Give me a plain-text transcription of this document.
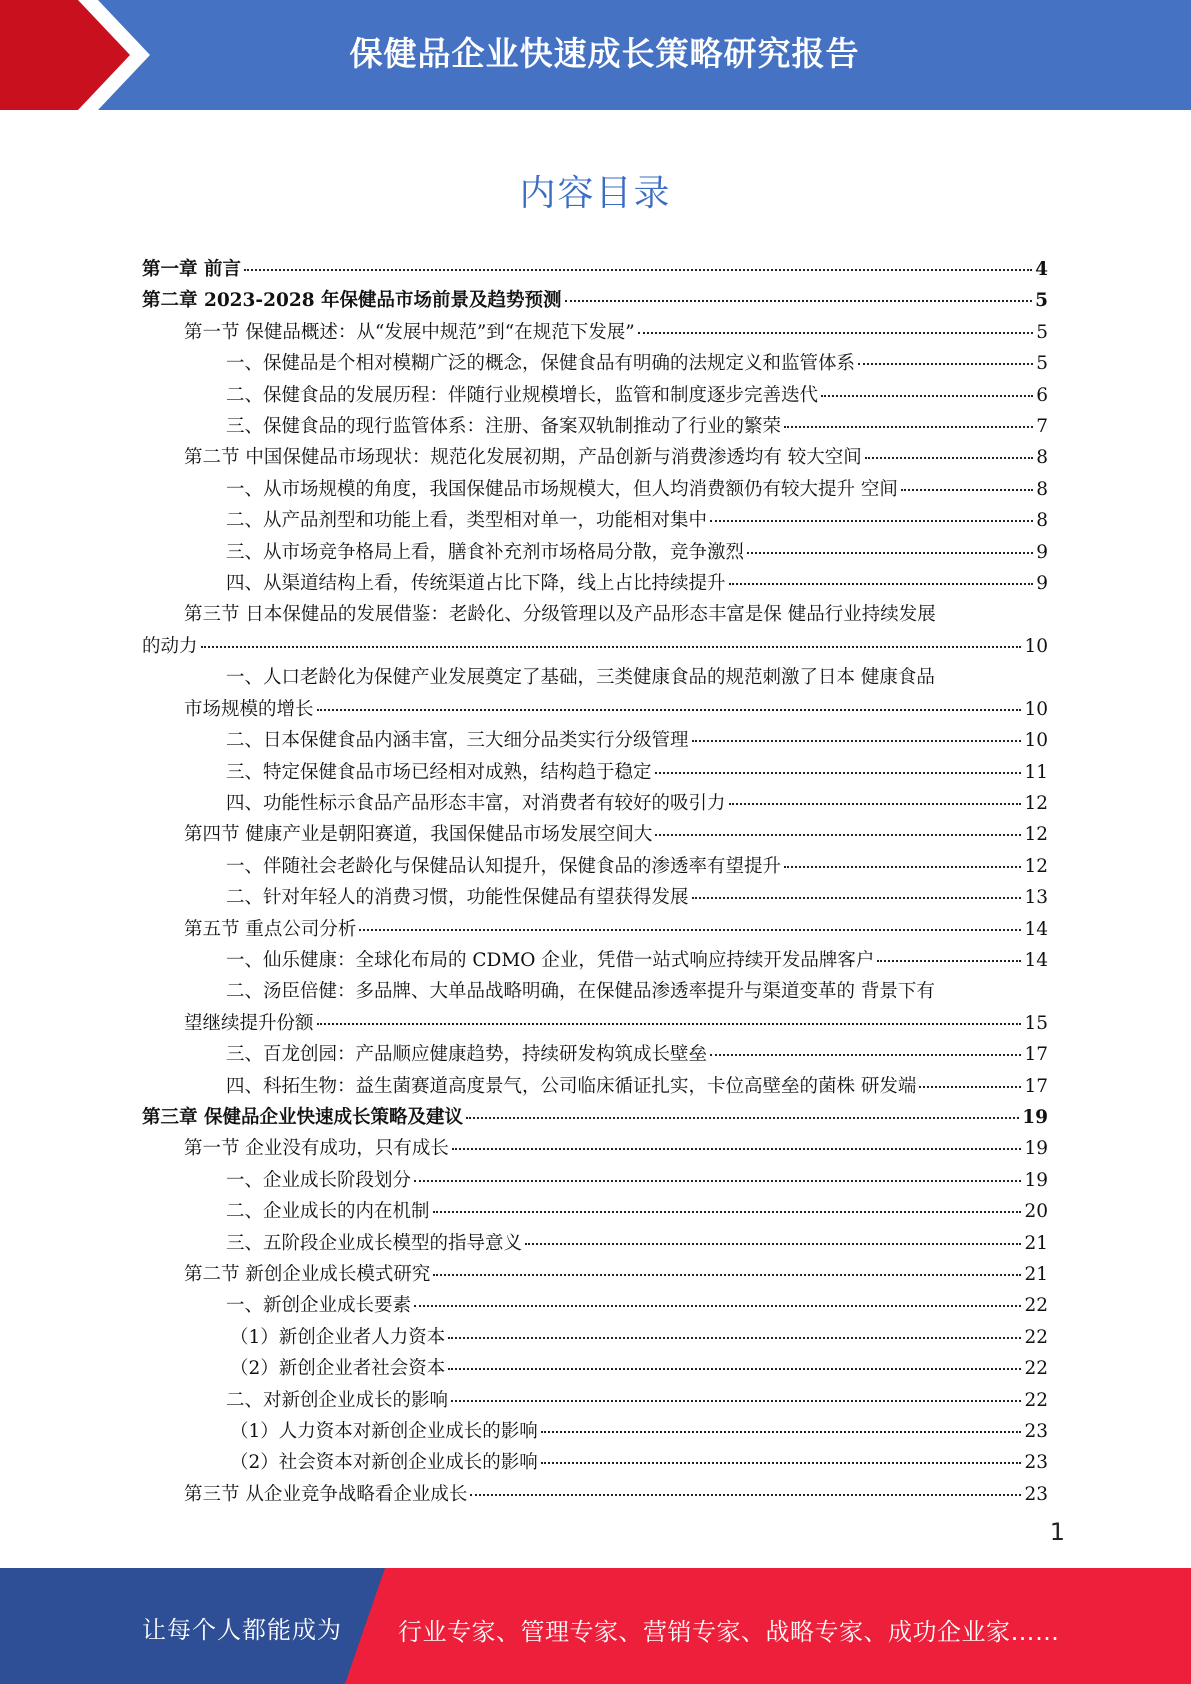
保健品企业快速成长策略研究报告
内容目录
第一章 前言	4
第二章 2023-2028 年保健品市场前景及趋势预测	5
第一节 保健品概述：从“发展中规范”到“在规范下发展”	5
一、保健品是个相对模糊广泛的概念，保健食品有明确的法规定义和监管体系	5
二、保健食品的发展历程：伴随行业规模增长，监管和制度逐步完善迭代	6
三、保健食品的现行监管体系：注册、备案双轨制推动了行业的繁荣	7
第二节 中国保健品市场现状：规范化发展初期，产品创新与消费渗透均有 较大空间	8
一、从市场规模的角度，我国保健品市场规模大，但人均消费额仍有较大提升 空间	8
二、从产品剂型和功能上看，类型相对单一，功能相对集中	8
三、从市场竞争格局上看，膳食补充剂市场格局分散，竞争激烈	9
四、从渠道结构上看，传统渠道占比下降，线上占比持续提升	9
第三节 日本保健品的发展借鉴：老龄化、分级管理以及产品形态丰富是保 健品行业持续发展
的动力	10
一、人口老龄化为保健产业发展奠定了基础，三类健康食品的规范刺激了日本 健康食品
市场规模的增长	10
二、日本保健食品内涵丰富，三大细分品类实行分级管理	10
三、特定保健食品市场已经相对成熟，结构趋于稳定	11
四、功能性标示食品产品形态丰富，对消费者有较好的吸引力	12
第四节 健康产业是朝阳赛道，我国保健品市场发展空间大	12
一、伴随社会老龄化与保健品认知提升，保健食品的渗透率有望提升	12
二、针对年轻人的消费习惯，功能性保健品有望获得发展	13
第五节 重点公司分析	14
一、仙乐健康：全球化布局的 CDMO 企业，凭借一站式响应持续开发品牌客户	14
二、汤臣倍健：多品牌、大单品战略明确，在保健品渗透率提升与渠道变革的 背景下有
望继续提升份额	15
三、百龙创园：产品顺应健康趋势，持续研发构筑成长壁垒	17
四、科拓生物：益生菌赛道高度景气，公司临床循证扎实，卡位高壁垒的菌株 研发端	17
第三章 保健品企业快速成长策略及建议	19
第一节 企业没有成功，只有成长	19
一、企业成长阶段划分	19
二、企业成长的内在机制	20
三、五阶段企业成长模型的指导意义	21
第二节 新创企业成长模式研究	21
一、新创企业成长要素	22
（1）新创企业者人力资本	22
（2）新创企业者社会资本	22
二、对新创企业成长的影响	22
（1）人力资本对新创企业成长的影响	23
（2）社会资本对新创企业成长的影响	23
第三节 从企业竞争战略看企业成长	23
1
让每个人都能成为 行业专家、管理专家、营销专家、战略专家、成功企业家……
